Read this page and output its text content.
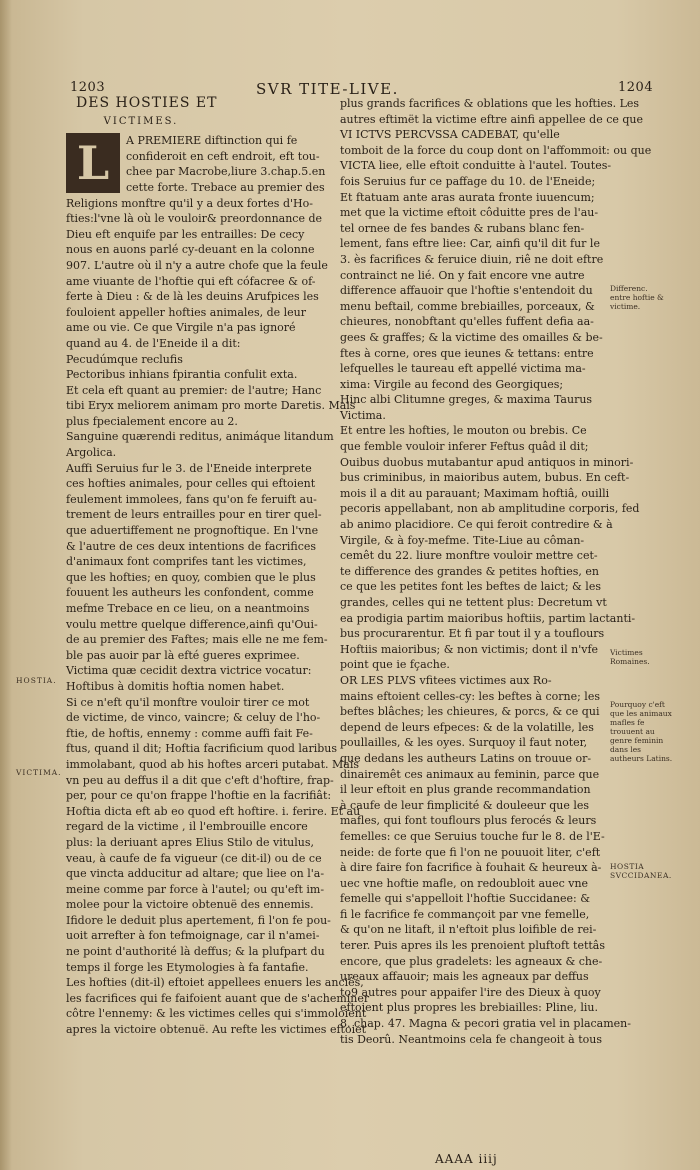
1203	SVR TITE-LIVE.	1204
DES HOSTIES ET
VICTIMES.
L	A PREMIERE diftinction qui fe
confideroit en ceft endroit, eft tou-
chee par Macrobe,liure 3.chap.5.en
cette forte. Trebace au premier des
Religions monftre qu'il y a deux fortes d'Ho-
fties:l'vne là où le vouloir& preordonnance de
Dieu eft enquife par les entrailles: De cecy
nous en auons parlé cy-deuant en la colonne
907. L'autre où il n'y a autre chofe que la feule
ame viuante de l'hoftie qui eft cófacree & of-
ferte à Dieu : & de là les deuins Arufpices les
fouloient appeller hofties animales, de leur
ame ou vie. Ce que Virgile n'a pas ignoré
quand au 4. de l'Eneide il a dit:
Pecudúmque reclufis
Pectoribus inhians fpirantia confulit exta.
Et cela eft quant au premier: de l'autre; Hanc
tibi Eryx meliorem animam pro morte Daretis. Mais
plus fpecialement encore au 2.
Sanguine quærendi reditus, animáque litandum
Argolica.
Auffi Seruius fur le 3. de l'Eneide interprete
ces hofties animales, pour celles qui eftoient
feulement immolees, fans qu'on fe feruift au-
trement de leurs entrailles pour en tirer quel-
que aduertiffement ne prognoftique. En l'vne
& l'autre de ces deux intentions de facrifices
d'animaux font comprifes tant les victimes,
que les hofties; en quoy, combien que le plus
fouuent les autheurs les confondent, comme
mefme Trebace en ce lieu, on a neantmoins
voulu mettre quelque difference,ainfi qu'Oui-
de au premier des Faftes; mais elle ne me fem-
ble pas auoir par là efté gueres exprimee.
Victima quæ cecidit dextra victrice vocatur:
Hoftibus à domitis hoftia nomen habet.
Si ce n'eft qu'il monftre vouloir tirer ce mot
de victime, de vinco, vaincre; & celuy de l'ho-
ftie, de hoftis, ennemy : comme auffi fait Fe-
ftus, quand il dit; Hoftia facrificium quod laribus
immolabant, quod ab his hoftes arceri putabat. Mais
vn peu au deffus il a dit que c'eft d'hoftire, frap-
per, pour ce qu'on frappe l'hoftie en la facrifiât:
Hoftia dicta eft ab eo quod eft hoftire. i. ferire. Et au
regard de la victime , il l'embrouille encore
plus: la deriuant apres Elius Stilo de vitulus,
veau, à caufe de fa vigueur (ce dit-il) ou de ce
que vincta adducitur ad altare; que liee on l'a-
meine comme par force à l'autel; ou qu'eft im-
molee pour la victoire obtenuë des ennemis.
Ifidore le deduit plus apertement, fi l'on fe pou-
uoit arrefter à fon tefmoignage, car il n'amei-
ne point d'authorité là deffus; & la plufpart du
temps il forge les Etymologies à fa fantafie.
Les hofties (dit-il) eftoiet appellees enuers les anciês,
les facrifices qui fe faifoient auant que de s'acheminer
côtre l'ennemy: & les victimes celles qui s'immoloient
apres la victoire obtenuë. Au refte les victimes eftoiet
plus grands facrifices & oblations que les hofties. Les
autres eftimët la victime eftre ainfi appellee de ce que
VI ICTVS PERCVSSA CADEBAT, qu'elle
tomboit de la force du coup dont on l'affommoit: ou que
VICTA liee, elle eftoit conduitte à l'autel. Toutes-
fois Seruius fur ce paffage du 10. de l'Eneide;
Et ftatuam ante aras aurata fronte iuuencum;
met que la victime eftoit côduitte pres de l'au-
tel ornee de fes bandes & rubans blanc fen-
lement, fans eftre liee: Car, ainfi qu'il dit fur le
3. ès facrifices & feruice diuin, riê ne doit eftre
contrainct ne lié. On y fait encore vne autre
difference affauoir que l'hoftie s'entendoit du
menu beftail, comme brebiailles, porceaux, &
chieures, nonobftant qu'elles fuffent defia aa-
gees & graffes; & la victime des omailles & be-
ftes à corne, ores que ieunes & tettans: entre
lefquelles le taureau eft appellé victima ma-
xima: Virgile au fecond des Georgiques;
Hinc albi Clitumne greges, & maxima Taurus
Victima.
Et entre les hofties, le mouton ou brebis. Ce
que femble vouloir inferer Feftus quâd il dit;
Ouibus duobus mutabantur apud antiquos in minori-
bus criminibus, in maioribus autem, bubus. En ceft-
mois il a dit au parauant; Maximam hoftiâ, ouilli
pecoris appellabant, non ab amplitudine corporis, fed
ab animo placidiore. Ce qui feroit contredire & à
Virgile, & à foy-mefme. Tite-Liue au côman-
cemêt du 22. liure monftre vouloir mettre cet-
te difference des grandes & petites hofties, en
ce que les petites font les beftes de laict; & les
grandes, celles qui ne tettent plus: Decretum vt
ea prodigia partim maioribus hoftiis, partim lactanti-
bus procurarentur. Et fi par tout il y a touflours
Hoftiis maioribus; & non victimis; dont il n'vfe
point que ie fçache.
OR LES PLVS vfitees victimes aux Ro-
mains eftoient celles-cy: les beftes à corne; les
beftes blâches; les chieures, & porcs, & ce qui
depend de leurs efpeces: & de la volatille, les
poullailles, & les oyes. Surquoy il faut noter,
que dedans les autheurs Latins on trouue or-
dinairemêt ces animaux au feminin, parce que
il leur eftoit en plus grande recommandation
à caufe de leur fimplicité & douleeur que les
mafles, qui font touflours plus ferocés & leurs
femelles: ce que Seruius touche fur le 8. de l'E-
neide: de forte que fi l'on ne pouuoit liter, c'eft
à dire faire fon facrifice à fouhait & heureux à-
uec vne hoftie mafle, on redoubloit auec vne
femelle qui s'appelloit l'hoftie Succidanee: &
fi le facrifice fe commançoit par vne femelle,
& qu'on ne litaft, il n'eftoit plus loifible de rei-
terer. Puis apres ils les prenoient pluftoft tettâs
encore, que plus gradelets: les agneaux & che-
ureaux affauoir; mais les agneaux par deffus
to9 autres pour appaifer l'ire des Dieux à quoy
eftoient plus propres les brebiailles: Pline, liu.
8. chap. 47. Magna & pecori gratia vel in placamen-
tis Deorû. Neantmoins cela fe changeoit à tous
HOSTIA.
VICTIMA.
Differenc. entre hoftie & victime.
Victimes Romaines.
Pourquoy c'eft que les animaux mafles fe trouuent au genre feminin dans les autheurs Latins.
HOSTIA SVCCIDANEA.
AAAA iiij
